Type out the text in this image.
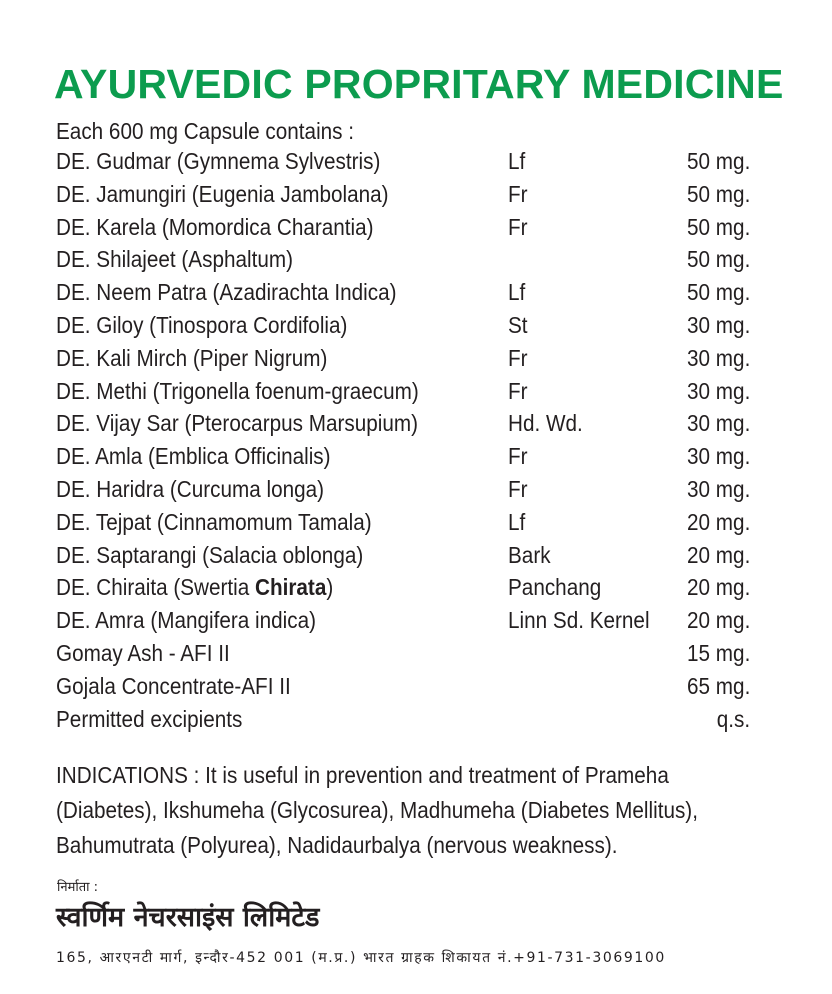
AYURVEDIC PROPRITARY MEDICINE
Each 600 mg Capsule contains :
DE. Gudmar (Gymnema Sylvestris)	Lf	50 mg.
DE. Jamungiri (Eugenia Jambolana)	Fr	50 mg.
DE. Karela (Momordica Charantia)	Fr	50 mg.
DE. Shilajeet (Asphaltum)	50 mg.
DE. Neem Patra (Azadirachta Indica)	Lf	50 mg.
DE. Giloy (Tinospora Cordifolia)	St	30 mg.
DE. Kali Mirch (Piper Nigrum)	Fr	30 mg.
DE. Methi (Trigonella foenum-graecum)	Fr	30 mg.
DE. Vijay Sar (Pterocarpus Marsupium)	Hd. Wd.	30 mg.
DE. Amla (Emblica Officinalis)	Fr	30 mg.
DE. Haridra (Curcuma longa)	Fr	30 mg.
DE. Tejpat (Cinnamomum Tamala)	Lf	20 mg.
DE. Saptarangi (Salacia oblonga)	Bark	20 mg.
DE. Chiraita (Swertia Chirata)	Panchang	20 mg.
DE. Amra (Mangifera indica)	Linn Sd. Kernel 20 mg.
Gomay Ash - AFI II	15 mg.
Gojala Concentrate-AFI II	65 mg.
Permitted excipients	q.s.
INDICATIONS : It is useful in prevention and treatment of Prameha (Diabetes), Ikshumeha (Glycosurea), Madhumeha (Diabetes Mellitus), Bahumutrata (Polyurea), Nadidaurbalya (nervous weakness).
निर्माता :
स्वर्णिम नेचरसाइंस लिमिटेड
165, आरएनटी मार्ग, इन्दौर-452 001 (म.प्र.) भारत ग्राहक शिकायत नं.+91-731-3069100
